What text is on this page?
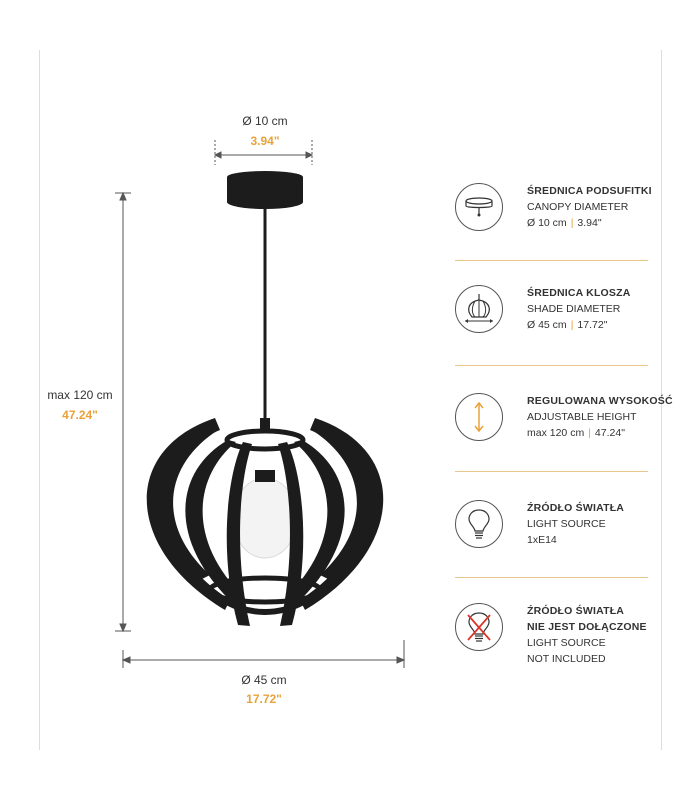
Ø 10 cm
3.94"
max 120 cm
47.24"
Ø 45 cm
17.72"
ŚREDNICA PODSUFITKI
CANOPY DIAMETER
Ø 10 cm | 3.94"
ŚREDNICA KLOSZA
SHADE DIAMETER
Ø 45 cm | 17.72"
REGULOWANA WYSOKOŚĆ
ADJUSTABLE HEIGHT
max 120 cm | 47.24"
ŹRÓDŁO ŚWIATŁA
LIGHT SOURCE
1xE14
ŹRÓDŁO ŚWIATŁA
NIE JEST DOŁĄCZONE
LIGHT SOURCE
NOT INCLUDED
